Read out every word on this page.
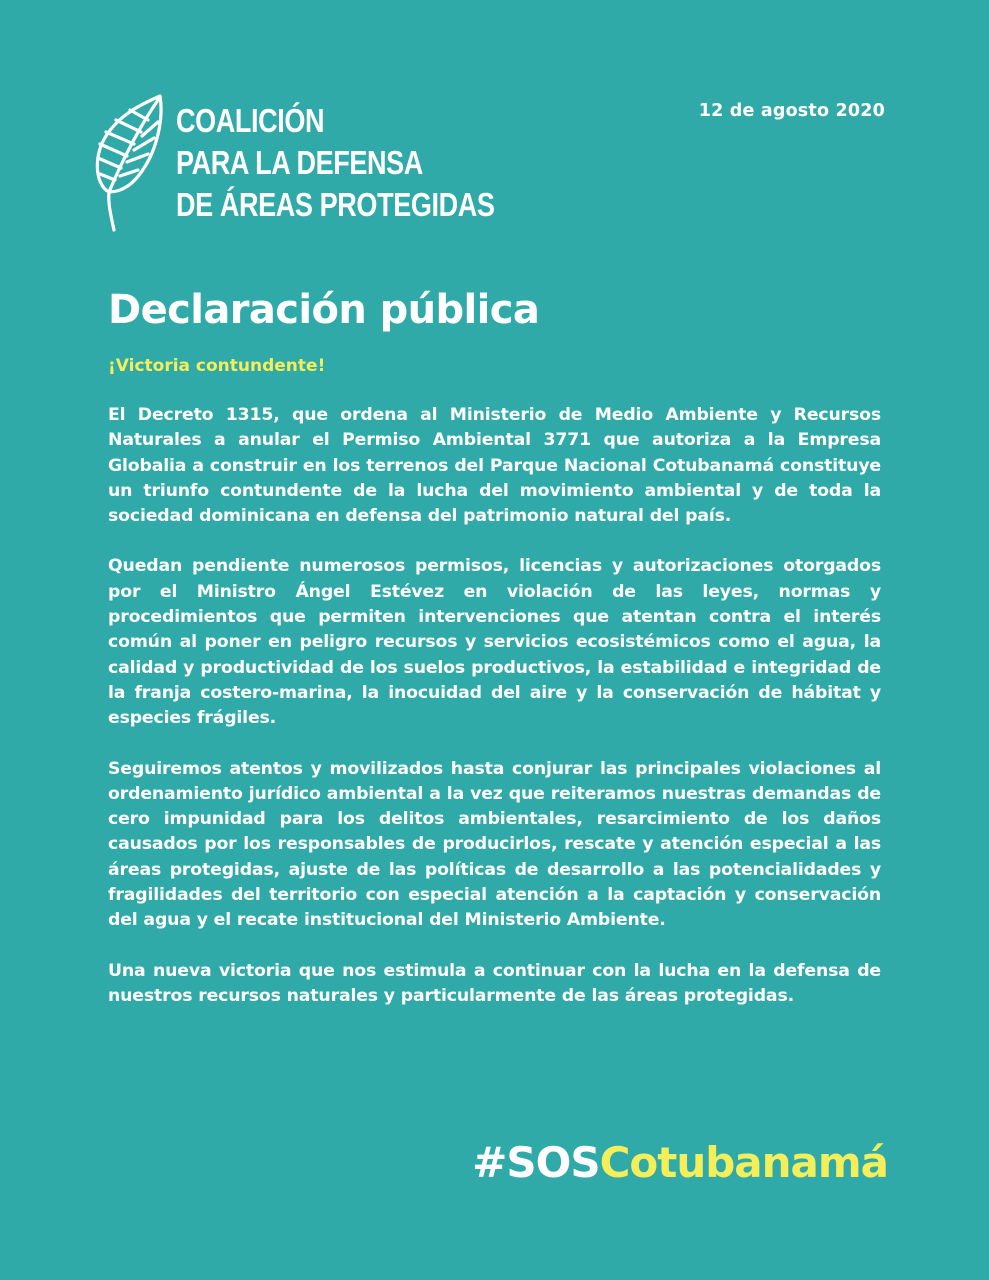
COALICIÓN
PARA LA DEFENSA
DE ÁREAS PROTEGIDAS
12 de agosto 2020
Declaración pública
¡Victoria contundente!

El Decreto 1315, que ordena al Ministerio de Medio Ambiente y Recursos Naturales a anular el Permiso Ambiental 3771 que autoriza a la Empresa Globalia a construir en los terrenos del Parque Nacional Cotubanamá constituye un triunfo contundente de la lucha del movimiento ambiental y de toda la sociedad dominicana en defensa del patrimonio natural del país.

Quedan pendiente numerosos permisos, licencias y autorizaciones otorgados por el Ministro Ángel Estévez en violación de las leyes, normas y procedimientos que permiten intervenciones que atentan contra el interés común al poner en peligro recursos y servicios ecosistémicos como el agua, la calidad y productividad de los suelos productivos, la estabilidad e integridad de la franja costero-marina, la inocuidad del aire y la conservación de hábitat y especies frágiles.

Seguiremos atentos y movilizados hasta conjurar las principales violaciones al ordenamiento jurídico ambiental a la vez que reiteramos nuestras demandas de cero impunidad para los delitos ambientales, resarcimiento de los daños causados por los responsables de producirlos, rescate y atención especial a las áreas protegidas, ajuste de las políticas de desarrollo a las potencialidades y fragilidades del territorio con especial atención a la captación y conservación del agua y el recate institucional del Ministerio Ambiente.

Una nueva victoria que nos estimula a continuar con la lucha en la defensa de nuestros recursos naturales y particularmente de las áreas protegidas.

#SOSCotubanamá
